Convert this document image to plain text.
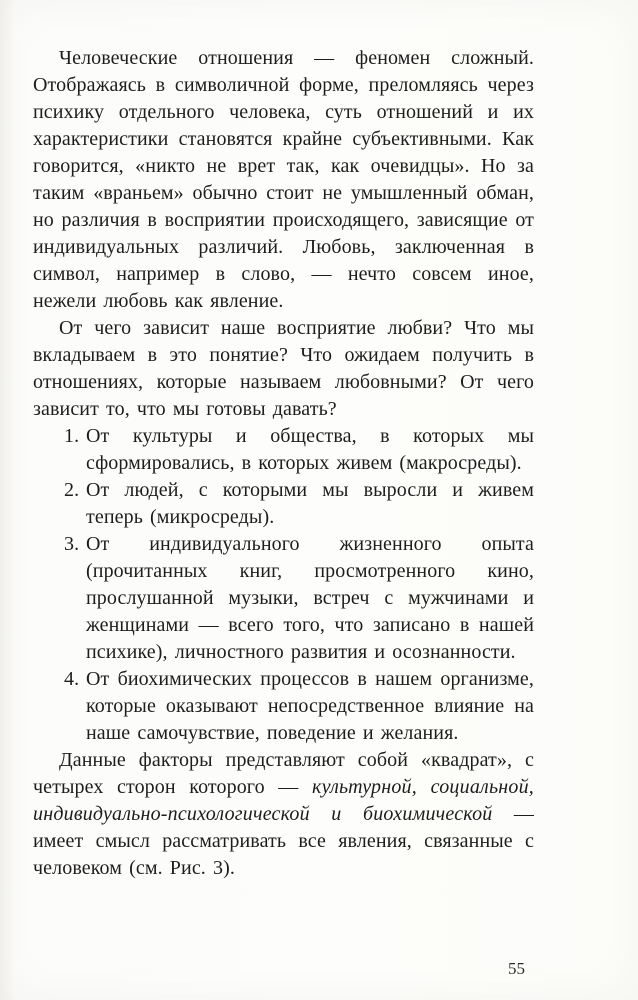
Человеческие отношения — феномен сложный. Отображаясь в символичной форме, преломляясь через психику отдельного человека, суть отношений и их характеристики становятся крайне субъективными. Как говорится, «никто не врет так, как очевидцы». Но за таким «враньем» обычно стоит не умышленный обман, но различия в восприятии происходящего, зависящие от индивидуальных различий. Любовь, заключенная в символ, например в слово, — нечто совсем иное, нежели любовь как явление.

От чего зависит наше восприятие любви? Что мы вкладываем в это понятие? Что ожидаем получить в отношениях, которые называем любовными? От чего зависит то, что мы готовы давать?

1. От культуры и общества, в которых мы сформировались, в которых живем (макросреды).
2. От людей, с которыми мы выросли и живем теперь (микросреды).
3. От индивидуального жизненного опыта (прочитанных книг, просмотренного кино, прослушанной музыки, встреч с мужчинами и женщинами — всего того, что записано в нашей психике), личностного развития и осознанности.
4. От биохимических процессов в нашем организме, которые оказывают непосредственное влияние на наше самочувствие, поведение и желания.

Данные факторы представляют собой «квадрат», с четырех сторон которого — культурной, социальной, индивидуально-психологической и биохимической — имеет смысл рассматривать все явления, связанные с человеком (см. Рис. 3).

55
